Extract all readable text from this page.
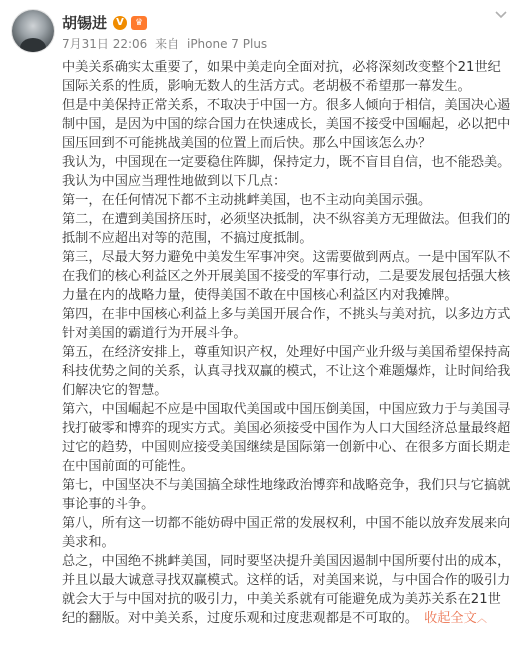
胡锡进 V	♛
7月31日 22:06 来自 iPhone 7 Plus

中美关系确实太重要了，如果中美走向全面对抗，必将深刻改变整个21世纪国际关系的性质，影响无数人的生活方式。老胡极不希望那一幕发生。

但是中美保持正常关系，不取决于中国一方。很多人倾向于相信，美国决心遏制中国，是因为中国的综合国力在快速成长，美国不接受中国崛起，必以把中国压回到不可能挑战美国的位置上而后快。那么中国该怎么办？

我认为，中国现在一定要稳住阵脚，保持定力，既不盲目自信，也不能恐美。

我认为中国应当理性地做到以下几点：

第一，在任何情况下都不主动挑衅美国，也不主动向美国示强。

第二，在遭到美国挤压时，必须坚决抵制，决不纵容美方无理做法。但我们的抵制不应超出对等的范围，不搞过度抵制。

第三，尽最大努力避免中美发生军事冲突。这需要做到两点。一是中国军队不在我们的核心利益区之外开展美国不接受的军事行动，二是要发展包括强大核力量在内的战略力量，使得美国不敢在中国核心利益区内对我摊牌。

第四，在非中国核心利益上多与美国开展合作，不挑头与美对抗，以多边方式针对美国的霸道行为开展斗争。

第五，在经济安排上，尊重知识产权，处理好中国产业升级与美国希望保持高科技优势之间的关系，认真寻找双赢的模式，不让这个难题爆炸，让时间给我们解决它的智慧。

第六，中国崛起不应是中国取代美国或中国压倒美国，中国应致力于与美国寻找打破零和博弈的现实方式。美国必须接受中国作为人口大国经济总量最终超过它的趋势，中国则应接受美国继续是国际第一创新中心、在很多方面长期走在中国前面的可能性。

第七，中国坚决不与美国搞全球性地缘政治博弈和战略竞争，我们只与它搞就事论事的斗争。

第八，所有这一切都不能妨碍中国正常的发展权利，中国不能以放弃发展来向美求和。

总之，中国绝不挑衅美国，同时要坚决提升美国因遏制中国所要付出的成本，并且以最大诚意寻找双赢模式。这样的话，对美国来说，与中国合作的吸引力就会大于与中国对抗的吸引力，中美关系就有可能避免成为美苏关系在21世纪的翻版。对中美关系，过度乐观和过度悲观都是不可取的。 收起全文︿
